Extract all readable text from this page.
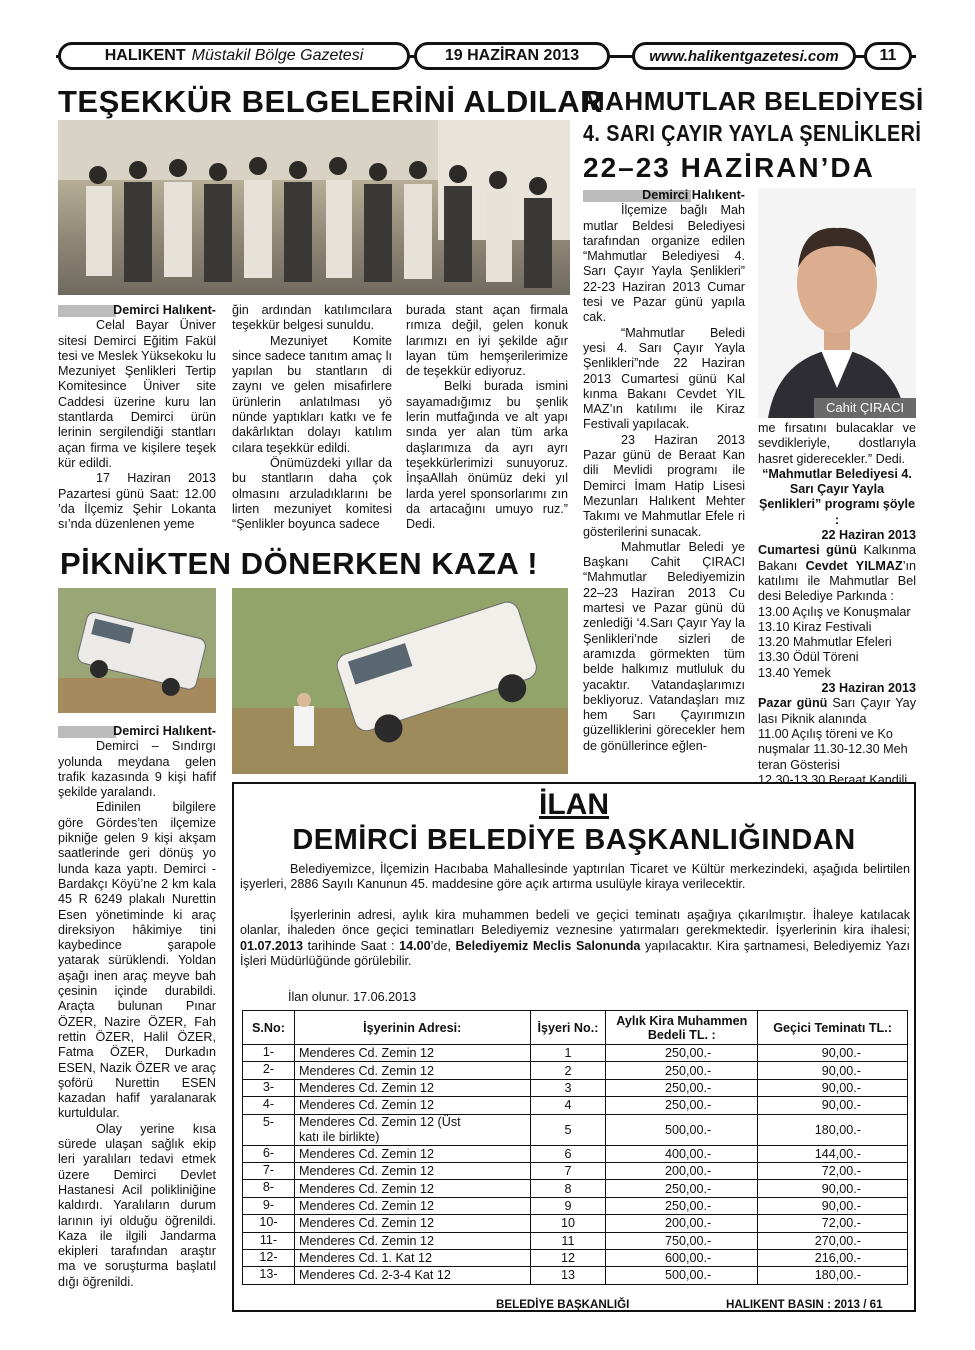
HALIKENT Müstakil Bölge Gazetesi	19 HAZİRAN 2013	www.halikentgazetesi.com	11
TEŞEKKÜR BELGELERİNİ ALDILAR

Demirci Halıkent-

Celal Bayar Üniver sitesi Demirci Eğitim Fakül tesi ve Meslek Yüksekoku lu Mezuniyet Şenlikleri Tertip Komitesince Üniver site Caddesi üzerine kuru lan stantlarda Demirci ürün lerinin sergilendiği stantları açan firma ve kişilere teşek kür edildi.

17 Haziran 2013 Pazartesi günü Saat: 12.00 ’da İlçemiz Şehir Lokanta sı’nda düzenlenen yeme

ğin ardından katılımcılara teşekkür belgesi sunuldu.

Mezuniyet Komite since sadece tanıtım amaç lı yapılan bu stantların di zaynı ve gelen misafirlere ürünlerin anlatılması yö nünde yaptıkları katkı ve fe dakârlıktan dolayı katılım cılara teşekkür edildi.

Önümüzdeki yıllar da bu stantların daha çok olmasını arzuladıklarını be lirten mezuniyet komitesi “Şenlikler boyunca sadece

burada stant açan firmala rımıza değil, gelen konuk larımızı en iyi şekilde ağır layan tüm hemşerilerimize de teşekkür ediyoruz.

Belki burada ismini sayamadığımız bu şenlik lerin mutfağında ve alt yapı sında yer alan tüm arka daşlarımıza da ayrı ayrı teşekkürlerimizi sunuyoruz. İnşaAllah önümüz deki yıl larda yerel sponsorlarımı zın da artacağını umuyo ruz.” Dedi.

PİKNİKTEN DÖNERKEN KAZA !

Demirci Halıkent-

Demirci – Sındırgı yolunda meydana gelen trafik kazasında 9 kişi hafif şekilde yaralandı.

Edinilen bilgilere göre Gördes’ten ilçemize pikniğe gelen 9 kişi akşam saatlerinde geri dönüş yo lunda kaza yaptı. Demirci - Bardakçı Köyü’ne 2 km kala 45 R 6249 plakalı Nurettin Esen yönetiminde ki araç direksiyon hâkimiye tini kaybedince şarapole yatarak sürüklendi. Yoldan aşağı inen araç meyve bah çesinin içinde durabildi. Araçta bulunan Pınar ÖZER, Nazire ÖZER, Fah rettin ÖZER, Halil ÖZER, Fatma ÖZER, Durkadın ESEN, Nazik ÖZER ve araç şoförü Nurettin ESEN kazadan hafif yaralanarak kurtuldular.

Olay yerine kısa sürede ulaşan sağlık ekip leri yaralıları tedavi etmek üzere Demirci Devlet Hastanesi Acil polikliniğine kaldırdı. Yaralıların durum larının iyi olduğu öğrenildi. Kaza ile ilgili Jandarma ekipleri tarafından araştır ma ve soruşturma başlatıl dığı öğrenildi.

MAHMUTLAR BELEDİYESİ
4. SARI ÇAYIR YAYLA ŞENLİKLERİ
22–23 HAZİRAN’DA

Demirci Halıkent-

İlçemize bağlı Mah mutlar Beldesi Belediyesi tarafından organize edilen “Mahmutlar Belediyesi 4. Sarı Çayır Yayla Şenlikleri” 22-23 Haziran 2013 Cumar tesi ve Pazar günü yapıla cak.

“Mahmutlar Beledi yesi 4. Sarı Çayır Yayla Şenlikleri”nde 22 Haziran 2013 Cumartesi günü Kal kınma Bakanı Cevdet YIL MAZ’ın katılımı ile Kiraz Festivali yapılacak.

23 Haziran 2013 Pazar günü de Beraat Kan dili Mevlidi programı ile Demirci İmam Hatip Lisesi Mezunları Halıkent Mehter Takımı ve Mahmutlar Efele ri gösterilerini sunacak.

Mahmutlar Beledi ye Başkanı Cahit ÇIRACI “Mahmutlar Belediyemizin 22–23 Haziran 2013 Cu martesi ve Pazar günü dü zenlediği ‘4.Sarı Çayır Yay la Şenlikleri’nde sizleri de aramızda görmekten tüm belde halkımız mutluluk du yacaktır. Vatandaşlarımızı bekliyoruz. Vatandaşları mız hem Sarı Çayırımızın güzelliklerini görecekler hem de gönüllerince eğlen-

Cahit ÇIRACI

me fırsatını bulacaklar ve sevdikleriyle, dostlarıyla hasret giderecekler.” Dedi.

“Mahmutlar Belediyesi 4. Sarı Çayır Yayla Şenlikleri” programı şöyle :

22 Haziran 2013

Cumartesi günü Kalkınma Bakanı Cevdet YILMAZ’ın katılımı ile Mahmutlar Bel desi Belediye Parkında :

13.00 Açılış ve Konuşmalar

13.10 Kiraz Festivali

13.20 Mahmutlar Efeleri

13.30 Ödül Töreni

13.40 Yemek

23 Haziran 2013

Pazar günü Sarı Çayır Yay lası Piknik alanında

11.00 Açılış töreni ve Ko nuşmalar 11.30-12.30 Meh teran Gösterisi

12.30-13.30 Beraat Kandili

İLAN
DEMİRCİ BELEDİYE BAŞKANLIĞINDAN
Belediyemizce, İlçemizin Hacıbaba Mahallesinde yaptırılan Ticaret ve Kültür merkezindeki, aşağıda belirtilen işyerleri, 2886 Sayılı Kanunun 45. maddesine göre açık artırma usulüyle kiraya verilecektir.
İşyerlerinin adresi, aylık kira muhammen bedeli ve geçici teminatı aşağıya çıkarılmıştır. İhaleye katılacak olanlar, ihaleden önce geçici teminatları Belediyemiz veznesine yatırmaları gerekmektedir. İşyerlerinin kira ihalesi; 01.07.2013 tarihinde Saat : 14.00’de, Belediyemiz Meclis Salonunda yapılacaktır. Kira şartnamesi, Belediyemiz Yazı İşleri Müdürlüğünde görülebilir.
İlan olunur. 17.06.2013
S.No:	İşyerinin Adresi:	İşyeri No.:	Aylık Kira Muhammen Bedeli TL. :	Geçici Teminatı TL.:
1-	Menderes Cd. Zemin 12	1	250,00.-	90,00.-
2-	Menderes Cd. Zemin 12	2	250,00.-	90,00.-
3-	Menderes Cd. Zemin 12	3	250,00.-	90,00.-
4-	Menderes Cd. Zemin 12	4	250,00.-	90,00.-
5-	Menderes Cd. Zemin 12 (Üst katı ile birlikte)	5	500,00.-	180,00.-
6-	Menderes Cd. Zemin 12	6	400,00.-	144,00.-
7-	Menderes Cd. Zemin 12	7	200,00.-	72,00.-
8-	Menderes Cd. Zemin 12	8	250,00.-	90,00.-
9-	Menderes Cd. Zemin 12	9	250,00.-	90,00.-
10-	Menderes Cd. Zemin 12	10	200,00.-	72,00.-
11-	Menderes Cd. Zemin 12	11	750,00.-	270,00.-
12-	Menderes Cd. 1. Kat 12	12	600,00.-	216,00.-
13-	Menderes Cd. 2-3-4 Kat 12	13	500,00.-	180,00.-
BELEDİYE BAŞKANLIĞI	HALIKENT BASIN : 2013 / 61
